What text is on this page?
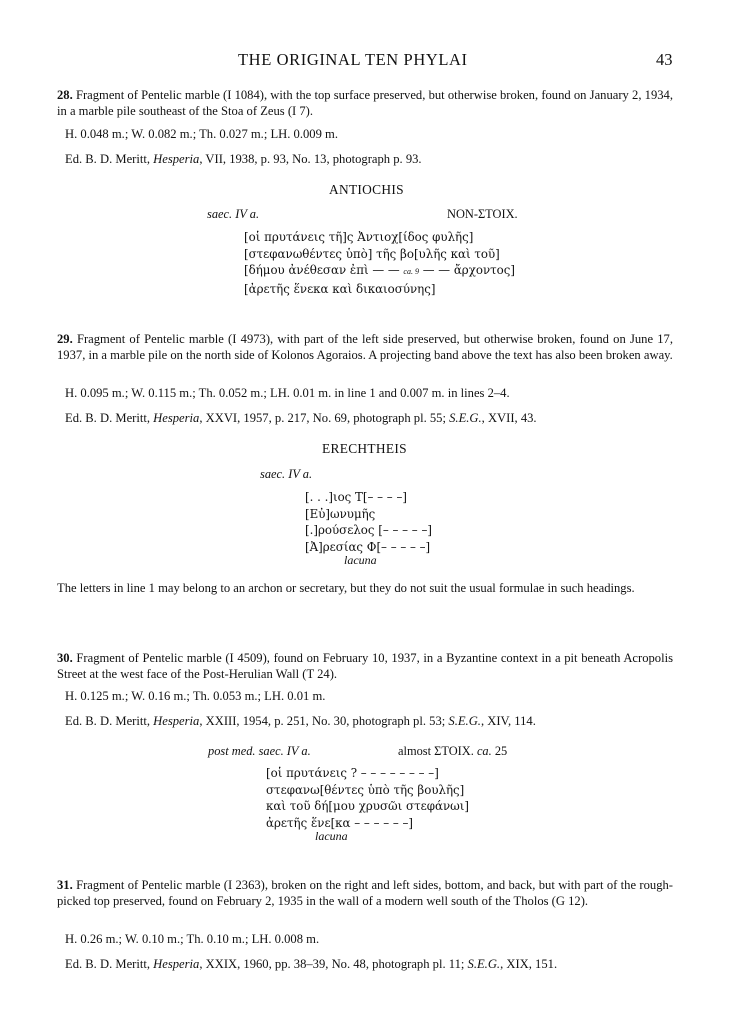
THE ORIGINAL TEN PHYLAI	43
28. Fragment of Pentelic marble (I 1084), with the top surface preserved, but otherwise broken, found on January 2, 1934, in a marble pile southeast of the Stoa of Zeus (I 7).
H. 0.048 m.; W. 0.082 m.; Th. 0.027 m.; LH. 0.009 m.
Ed. B. D. Meritt, Hesperia, VII, 1938, p. 93, No. 13, photograph p. 93.
ANTIOCHIS
saec. IV a.	NON-ΣΤΟΙΧ.
[οἱ πρυτάνεις τῆ]ς Ἀντιοχ[ίδος φυλῆς]
[στεφανωθέντες ὑπὸ] τῆς βο[υλῆς καὶ τοῦ]
[δήμου ἀνέθεσαν ἐπὶ — — ca. 9 — — ἄρχοντος]
[ἀρετῆς ἕνεκα καὶ δικαιοσύνης]
29. Fragment of Pentelic marble (I 4973), with part of the left side preserved, but otherwise broken, found on June 17, 1937, in a marble pile on the north side of Kolonos Agoraios. A projecting band above the text has also been broken away.
H. 0.095 m.; W. 0.115 m.; Th. 0.052 m.; LH. 0.01 m. in line 1 and 0.007 m. in lines 2–4.
Ed. B. D. Meritt, Hesperia, XXVI, 1957, p. 217, No. 69, photograph pl. 55; S.E.G., XVII, 43.
ERECHTHEIS
saec. IV a.
[. . .]ιος Τ[– – – –]
[Εὐ]ωνυμῆς
[.]ρούσελος [– – – – –]
[Ἀ]ρεσίας Φ[– – – – –]
lacuna
The letters in line 1 may belong to an archon or secretary, but they do not suit the usual formulae in such headings.
30. Fragment of Pentelic marble (I 4509), found on February 10, 1937, in a Byzantine context in a pit beneath Acropolis Street at the west face of the Post-Herulian Wall (T 24).
H. 0.125 m.; W. 0.16 m.; Th. 0.053 m.; LH. 0.01 m.
Ed. B. D. Meritt, Hesperia, XXIII, 1954, p. 251, No. 30, photograph pl. 53; S.E.G., XIV, 114.
post med. saec. IV a.	almost ΣΤΟΙΧ. ca. 25
[οἱ πρυτάνεις ? – – – – – – – –]
στεφανω[θέντες ὑπὸ τῆς βουλῆς]
καὶ τοῦ δή[μου χρυσῶι στεφάνωι]
ἀρετῆς ἕνε[κα – – – – – –]
lacuna
31. Fragment of Pentelic marble (I 2363), broken on the right and left sides, bottom, and back, but with part of the rough-picked top preserved, found on February 2, 1935 in the wall of a modern well south of the Tholos (G 12).
H. 0.26 m.; W. 0.10 m.; Th. 0.10 m.; LH. 0.008 m.
Ed. B. D. Meritt, Hesperia, XXIX, 1960, pp. 38–39, No. 48, photograph pl. 11; S.E.G., XIX, 151.
